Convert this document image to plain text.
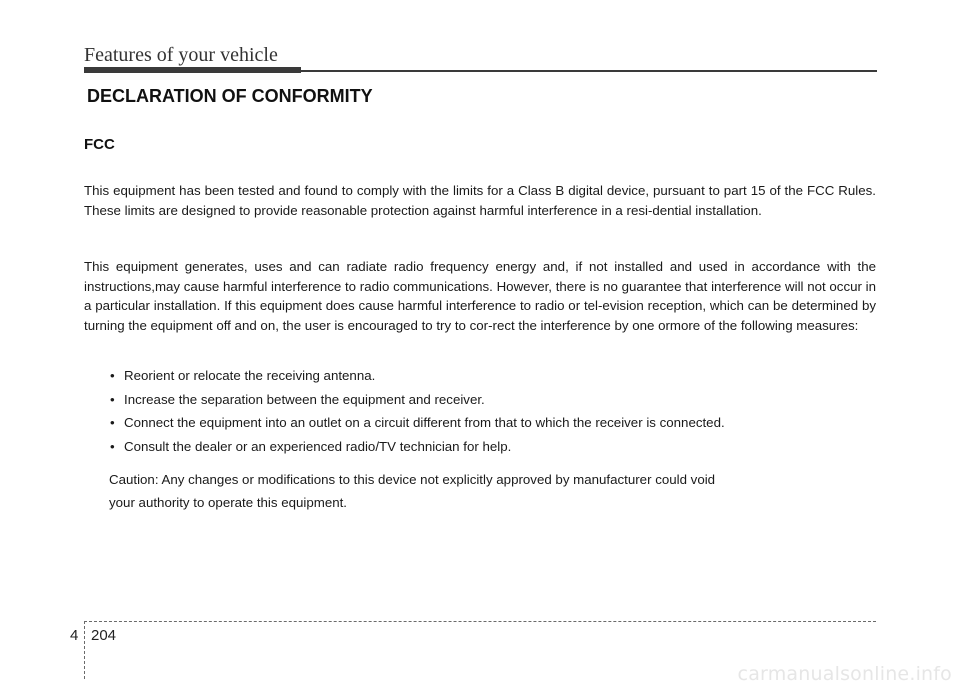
Features of your vehicle
DECLARATION OF CONFORMITY
FCC

This equipment has been tested and found to comply with the limits for a Class B digital device, pursuant to part 15 of the FCC Rules. These limits are designed to provide reasonable protection against harmful interference in a resi-dential installation.

This equipment generates, uses and can radiate radio frequency energy and, if not installed and used in accordance with the instructions,may cause harmful interference to radio communications. However, there is no guarantee that interference will not occur in a particular installation. If this equipment does cause harmful interference to radio or tel-evision reception, which can be determined by turning the equipment off and on, the user is encouraged to try to cor-rect the interference by one ormore of the following measures:

• Reorient or relocate the receiving antenna.
• Increase the separation between the equipment and receiver.
• Connect the equipment into an outlet on a circuit different from that to which the receiver is connected.
• Consult the dealer or an experienced radio/TV technician for help.
Caution: Any changes or modifications to this device not explicitly approved by manufacturer could void
your authority to operate this equipment.
4 204
carmanualsonline.info
